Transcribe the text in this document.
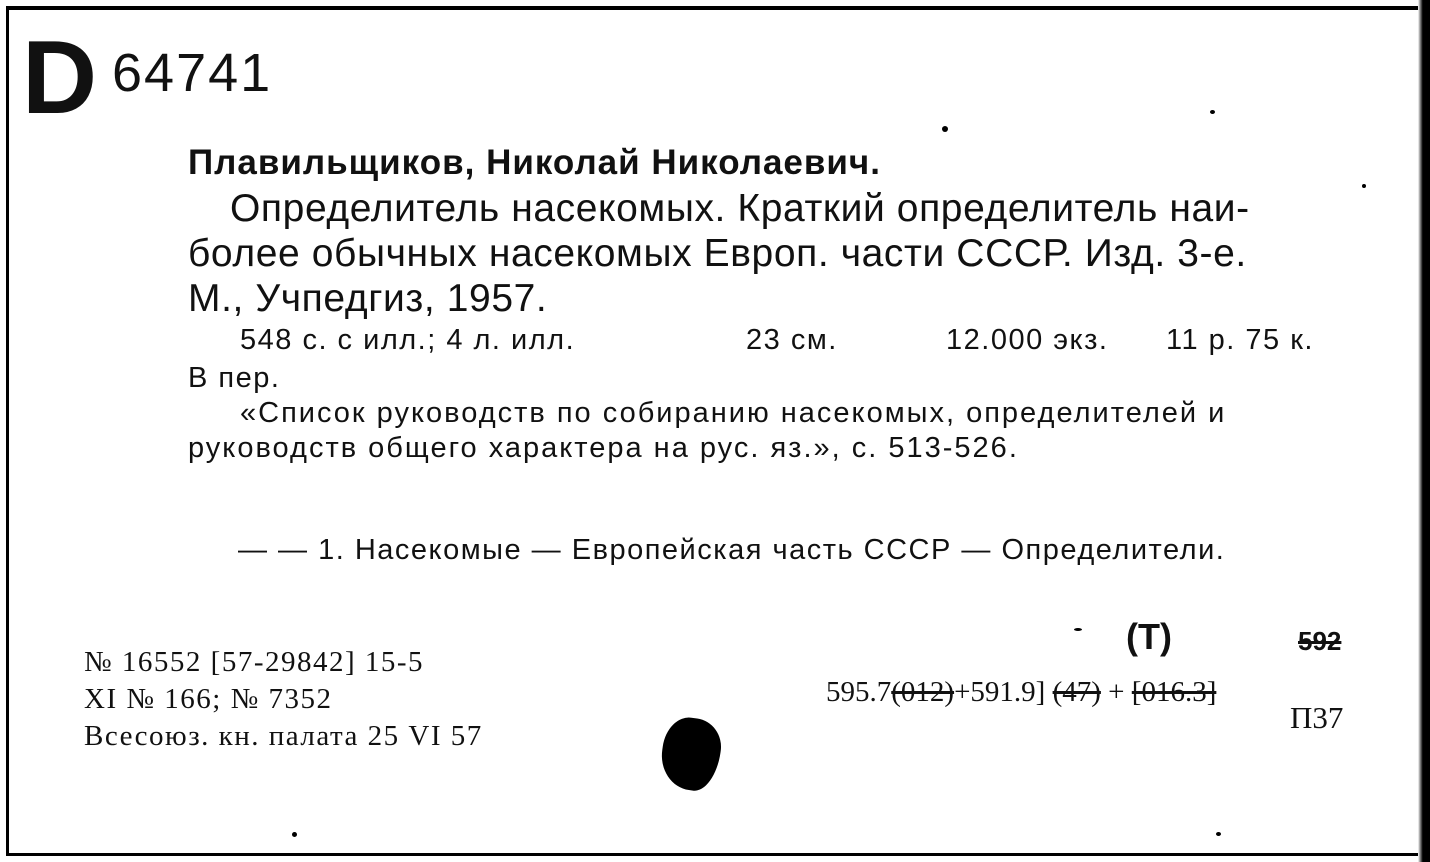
D 64741
Плавильщиков, Николай Николаевич.
Определитель насекомых. Краткий определитель наи-
более обычных насекомых Европ. части СССР. Изд. 3-е.
М., Учпедгиз, 1957.
548 с. с илл.; 4 л. илл.	23 см.	12.000 экз. 11 р. 75 к.
В пер.
«Список руководств по собиранию насекомых, определителей и
руководств общего характера на рус. яз.», с. 513-526.
— — 1. Насекомые — Европейская часть СССР — Определители.
№ 16552 [57-29842] 15-5
XI № 166; № 7352
Всесоюз. кн. палата 25 VI 57
595.7(012)+591.9] (47) + [016.3]
(Т)	592
П37
